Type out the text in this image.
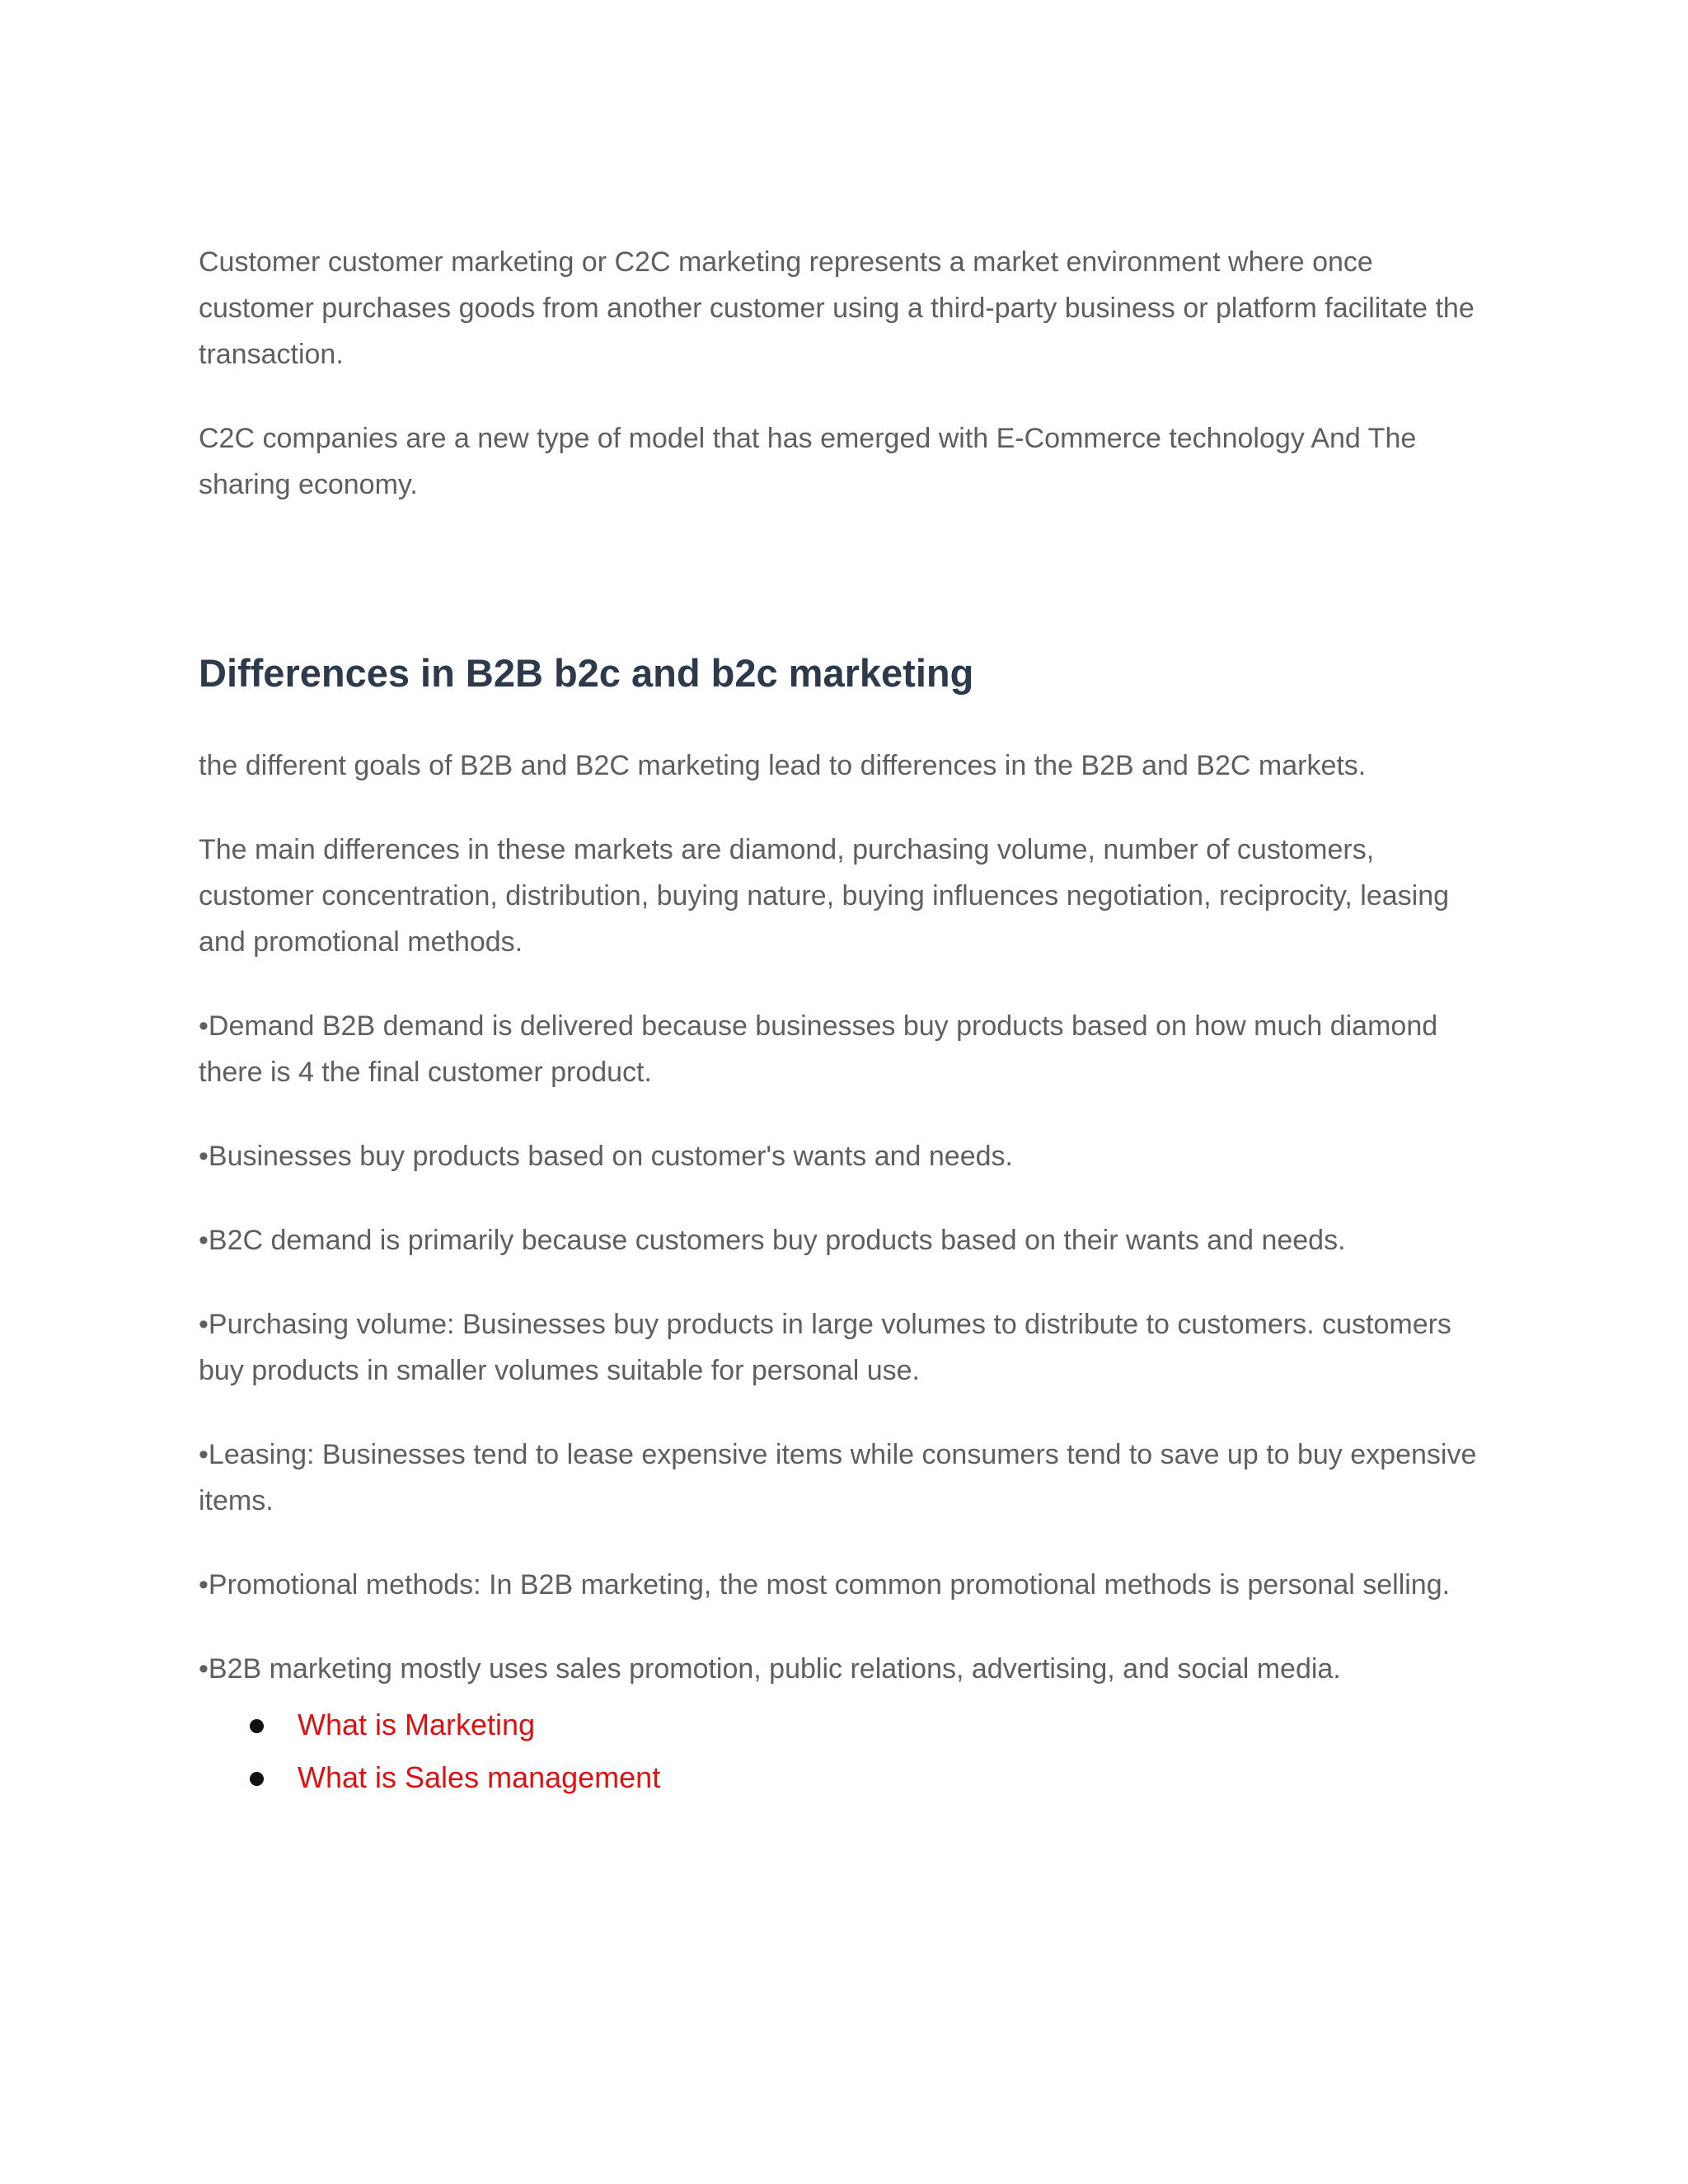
Customer customer marketing or C2C marketing represents a market environment where once customer purchases goods from another customer using a third-party business or platform facilitate the transaction.

C2C companies are a new type of model that has emerged with E-Commerce technology And The sharing economy.

Differences in B2B b2c and b2c marketing

the different goals of B2B and B2C marketing lead to differences in the B2B and B2C markets.

The main differences in these markets are diamond, purchasing volume, number of customers, customer concentration, distribution, buying nature, buying influences negotiation, reciprocity, leasing and promotional methods.

•Demand B2B demand is delivered because businesses buy products based on how much diamond there is 4 the final customer product.

•Businesses buy products based on customer's wants and needs.

•B2C demand is primarily because customers buy products based on their wants and needs.

•Purchasing volume: Businesses buy products in large volumes to distribute to customers. customers buy products in smaller volumes suitable for personal use.

•Leasing: Businesses tend to lease expensive items while consumers tend to save up to buy expensive items.

•Promotional methods: In B2B marketing, the most common promotional methods is personal selling.

•B2B marketing mostly uses sales promotion, public relations, advertising, and social media.

What is Marketing
What is Sales management
